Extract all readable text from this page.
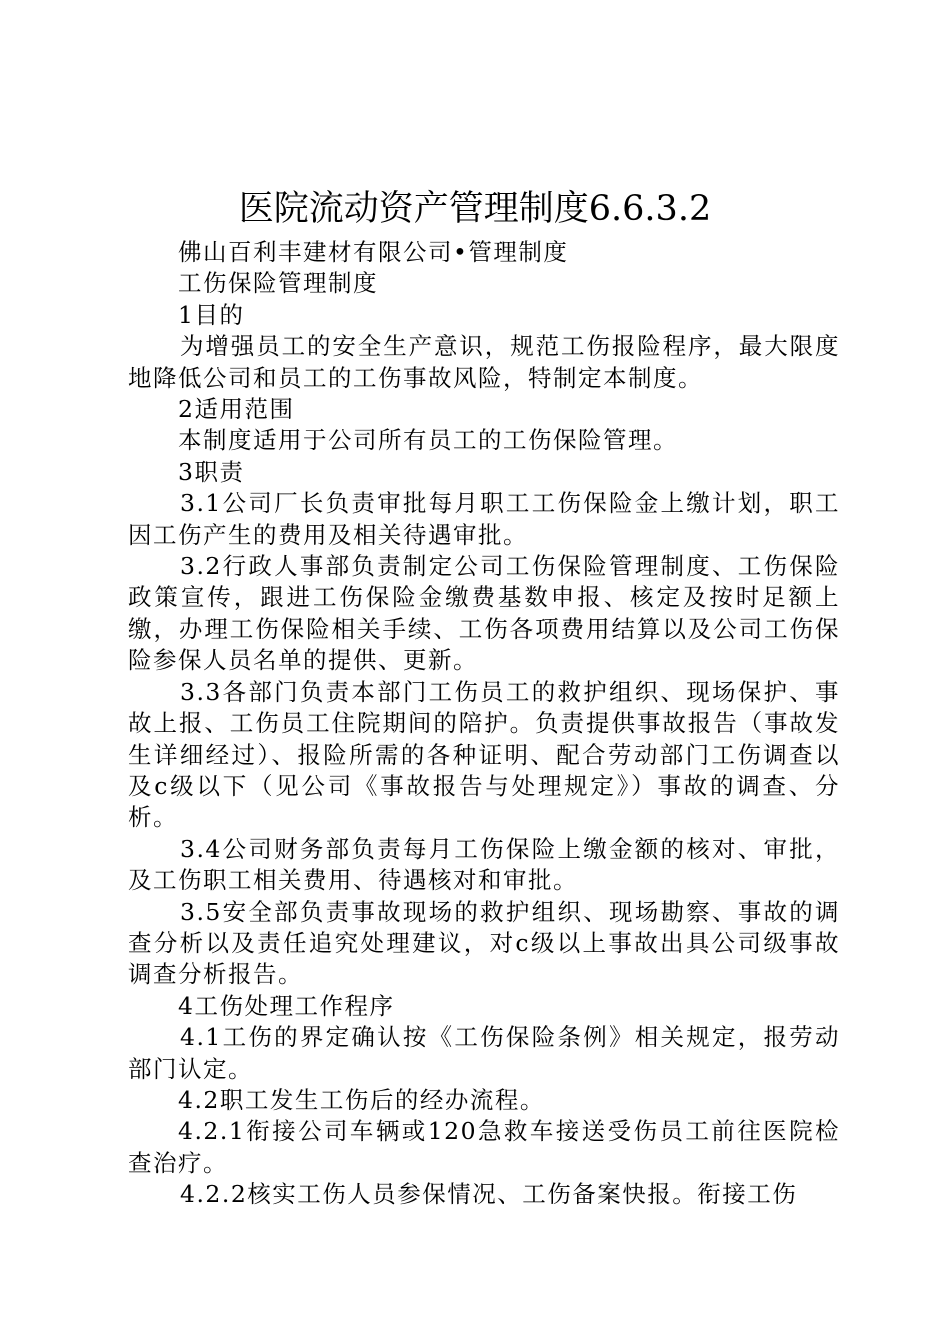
医院流动资产管理制度6.6.3.2

佛山百利丰建材有限公司•管理制度

工伤保险管理制度

1目的

为增强员工的安全生产意识，规范工伤报险程序，最大限度地降低公司和员工的工伤事故风险，特制定本制度。

2适用范围

本制度适用于公司所有员工的工伤保险管理。

3职责

3.1公司厂长负责审批每月职工工伤保险金上缴计划，职工因工伤产生的费用及相关待遇审批。

3.2行政人事部负责制定公司工伤保险管理制度、工伤保险政策宣传，跟进工伤保险金缴费基数申报、核定及按时足额上缴，办理工伤保险相关手续、工伤各项费用结算以及公司工伤保险参保人员名单的提供、更新。

3.3各部门负责本部门工伤员工的救护组织、现场保护、事故上报、工伤员工住院期间的陪护。负责提供事故报告（事故发生详细经过）、报险所需的各种证明、配合劳动部门工伤调查以及c级以下（见公司《事故报告与处理规定》）事故的调查、分析。

3.4公司财务部负责每月工伤保险上缴金额的核对、审批，及工伤职工相关费用、待遇核对和审批。

3.5安全部负责事故现场的救护组织、现场勘察、事故的调查分析以及责任追究处理建议，对c级以上事故出具公司级事故调查分析报告。

4工伤处理工作程序

4.1工伤的界定确认按《工伤保险条例》相关规定，报劳动部门认定。

4.2职工发生工伤后的经办流程。

4.2.1衔接公司车辆或120急救车接送受伤员工前往医院检查治疗。

4.2.2核实工伤人员参保情况、工伤备案快报。衔接工伤
